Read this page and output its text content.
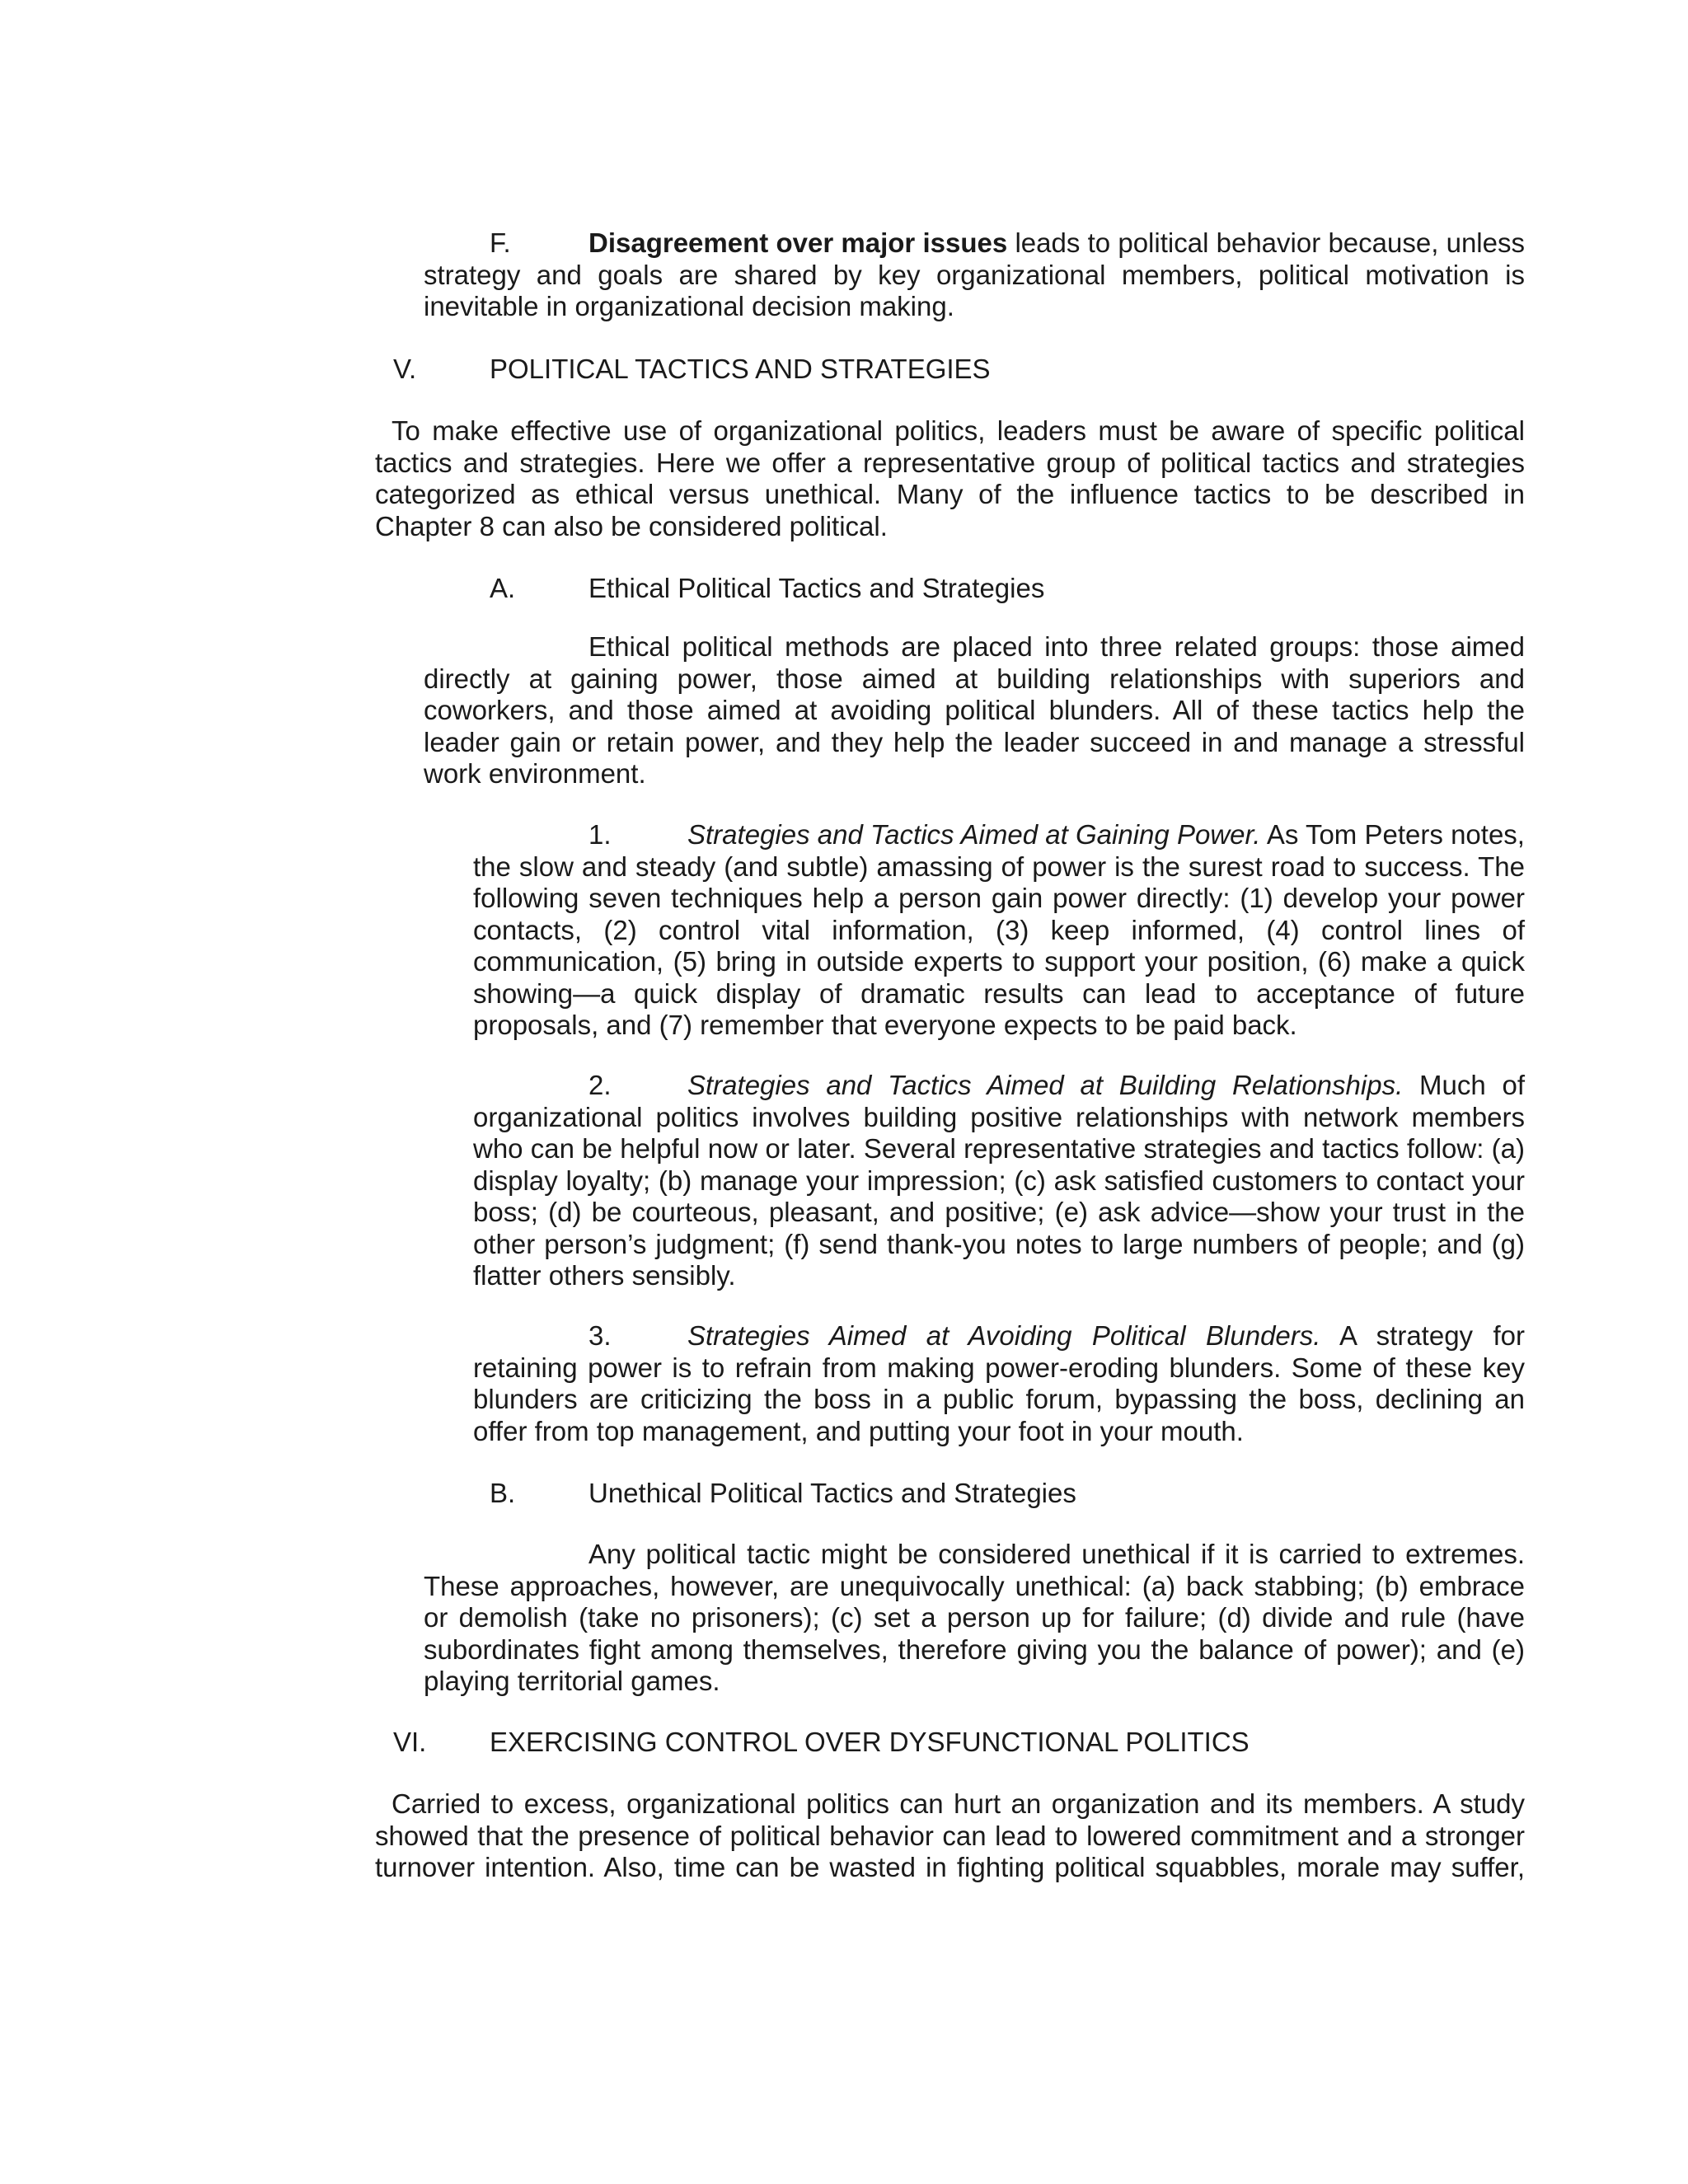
F.	Disagreement over major issues leads to political behavior because, unless strategy and goals are shared by key organizational members, political motivation is inevitable in organizational decision making.

V.	POLITICAL TACTICS AND STRATEGIES

To make effective use of organizational politics, leaders must be aware of specific political tactics and strategies. Here we offer a representative group of political tactics and strategies categorized as ethical versus unethical. Many of the influence tactics to be described in Chapter 8 can also be considered political.

A.	Ethical Political Tactics and Strategies

Ethical political methods are placed into three related groups: those aimed directly at gaining power, those aimed at building relationships with superiors and coworkers, and those aimed at avoiding political blunders. All of these tactics help the leader gain or retain power, and they help the leader succeed in and manage a stressful work environment.

1.	Strategies and Tactics Aimed at Gaining Power. As Tom Peters notes, the slow and steady (and subtle) amassing of power is the surest road to success. The following seven techniques help a person gain power directly: (1) develop your power contacts, (2) control vital information, (3) keep informed, (4) control lines of communication, (5) bring in outside experts to support your position, (6) make a quick showing—a quick display of dramatic results can lead to acceptance of future proposals, and (7) remember that everyone expects to be paid back.

2.	Strategies and Tactics Aimed at Building Relationships. Much of organizational politics involves building positive relationships with network members who can be helpful now or later. Several representative strategies and tactics follow: (a) display loyalty; (b) manage your impression; (c) ask satisfied customers to contact your boss; (d) be courteous, pleasant, and positive; (e) ask advice—show your trust in the other person’s judgment; (f) send thank-you notes to large numbers of people; and (g) flatter others sensibly.

3.	Strategies Aimed at Avoiding Political Blunders. A strategy for retaining power is to refrain from making power-eroding blunders. Some of these key blunders are criticizing the boss in a public forum, bypassing the boss, declining an offer from top management, and putting your foot in your mouth.

B.	Unethical Political Tactics and Strategies

Any political tactic might be considered unethical if it is carried to extremes. These approaches, however, are unequivocally unethical: (a) back stabbing; (b) embrace or demolish (take no prisoners); (c) set a person up for failure; (d) divide and rule (have subordinates fight among themselves, therefore giving you the balance of power); and (e) playing territorial games.

VI. EXERCISING CONTROL OVER DYSFUNCTIONAL POLITICS

Carried to excess, organizational politics can hurt an organization and its members. A study showed that the presence of political behavior can lead to lowered commitment and a stronger turnover intention. Also, time can be wasted in fighting political squabbles, morale may suffer,
